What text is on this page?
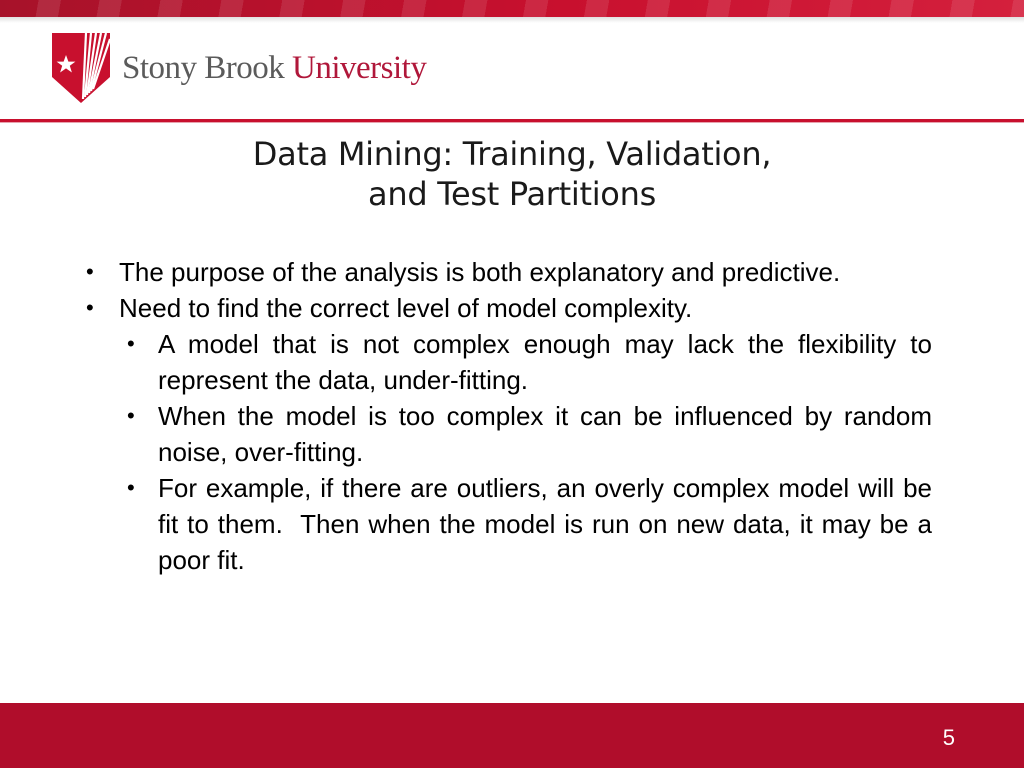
Stony Brook University
Data Mining: Training, Validation,
and Test Partitions
• The purpose of the analysis is both explanatory and predictive.
• Need to find the correct level of model complexity.
• A model that is not complex enough may lack the flexibility to represent the data, under-fitting.
• When the model is too complex it can be influenced by random noise, over-fitting.
• For example, if there are outliers, an overly complex model will be fit to them.  Then when the model is run on new data, it may be a poor fit.
5
